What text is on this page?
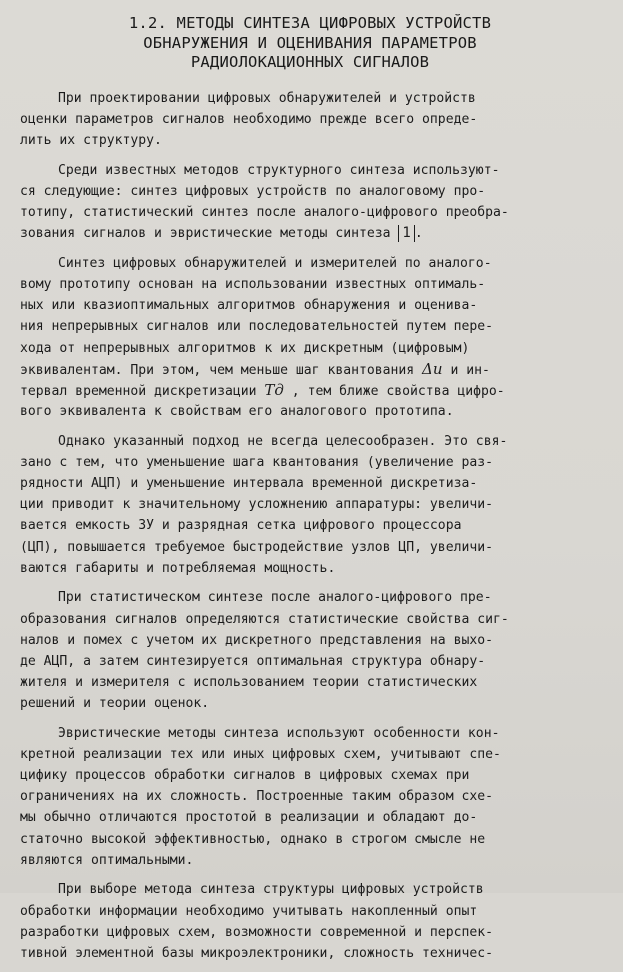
1.2. МЕТОДЫ СИНТЕЗА ЦИФРОВЫХ УСТРОЙСТВ
ОБНАРУЖЕНИЯ И ОЦЕНИВАНИЯ ПАРАМЕТРОВ
РАДИОЛОКАЦИОННЫХ СИГНАЛОВ
При проектировании цифровых обнаружителей и устройств
оценки параметров сигналов необходимо прежде всего опреде-
лить их структуру.
Среди известных методов структурного синтеза используют-
ся следующие: синтез цифровых устройств по аналоговому про-
тотипу, статистический синтез после аналого-цифрового преобра-
зования сигналов и эвристические методы синтеза 1 .
Синтез цифровых обнаружителей и измерителей по аналого-
вому прототипу основан на использовании известных оптималь-
ных или квазиоптимальных алгоритмов обнаружения и оценива-
ния непрерывных сигналов или последовательностей путем пере-
хода от непрерывных алгоритмов к их дискретным (цифровым)
эквивалентам. При этом, чем меньше шаг квантования Δu и ин-
тервал временной дискретизации Tд , тем ближе свойства цифро-
вого эквивалента к свойствам его аналогового прототипа.
Однако указанный подход не всегда целесообразен. Это свя-
зано с тем, что уменьшение шага квантования (увеличение раз-
рядности АЦП) и уменьшение интервала временной дискретиза-
ции приводит к значительному усложнению аппаратуры: увеличи-
вается емкость ЗУ и разрядная сетка цифрового процессора
(ЦП), повышается требуемое быстродействие узлов ЦП, увеличи-
ваются габариты и потребляемая мощность.
При статистическом синтезе после аналого-цифрового пре-
образования сигналов определяются статистические свойства сиг-
налов и помех с учетом их дискретного представления на выхо-
де АЦП, а затем синтезируется оптимальная структура обнару-
жителя и измерителя с использованием теории статистических
решений и теории оценок.
Эвристические методы синтеза используют особенности кон-
кретной реализации тех или иных цифровых схем, учитывают спе-
цифику процессов обработки сигналов в цифровых схемах при
ограничениях на их сложность. Построенные таким образом схе-
мы обычно отличаются простотой в реализации и обладают до-
статочно высокой эффективностью, однако в строгом смысле не
являются оптимальными.
При выборе метода синтеза структуры цифровых устройств
обработки информации необходимо учитывать накопленный опыт
разработки цифровых схем, возможности современной и перспек-
тивной элементной базы микроэлектроники, сложность техничес-
